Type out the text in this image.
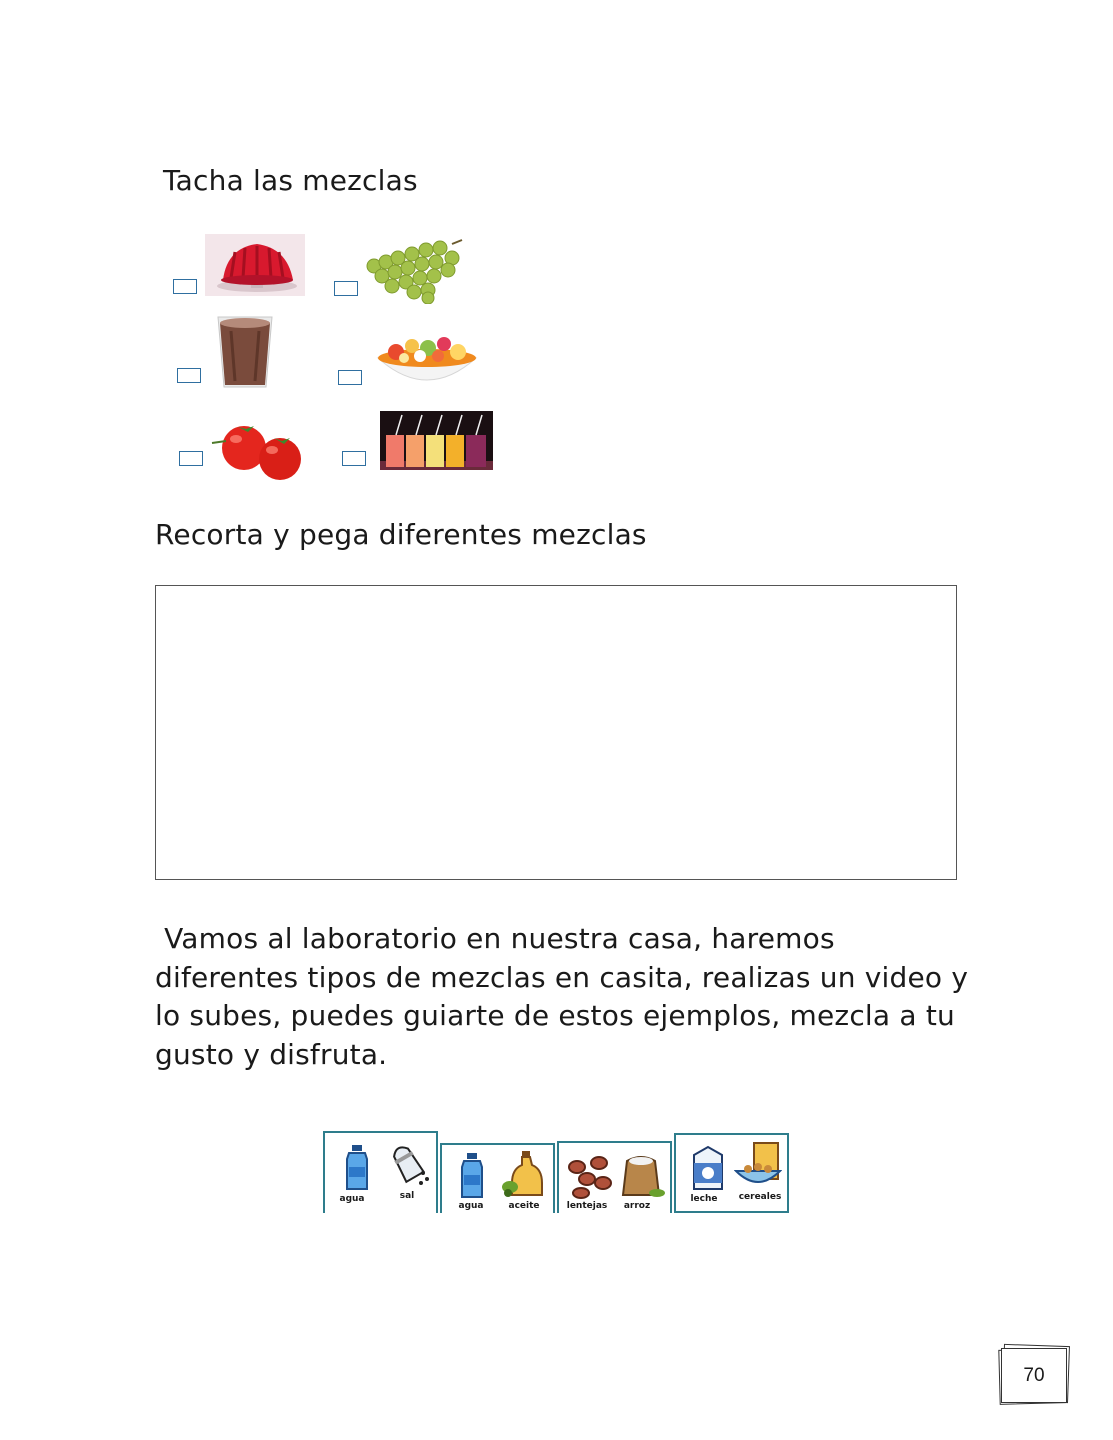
Tacha las mezclas
Recorta y pega diferentes mezclas
Vamos al laboratorio en nuestra casa, haremos diferentes tipos de mezclas en casita, realizas un video y lo subes, puedes guiarte de estos ejemplos, mezcla a tu gusto y disfruta.
agua	sal
agua	aceite	lentejas arroz
leche cereales
70
